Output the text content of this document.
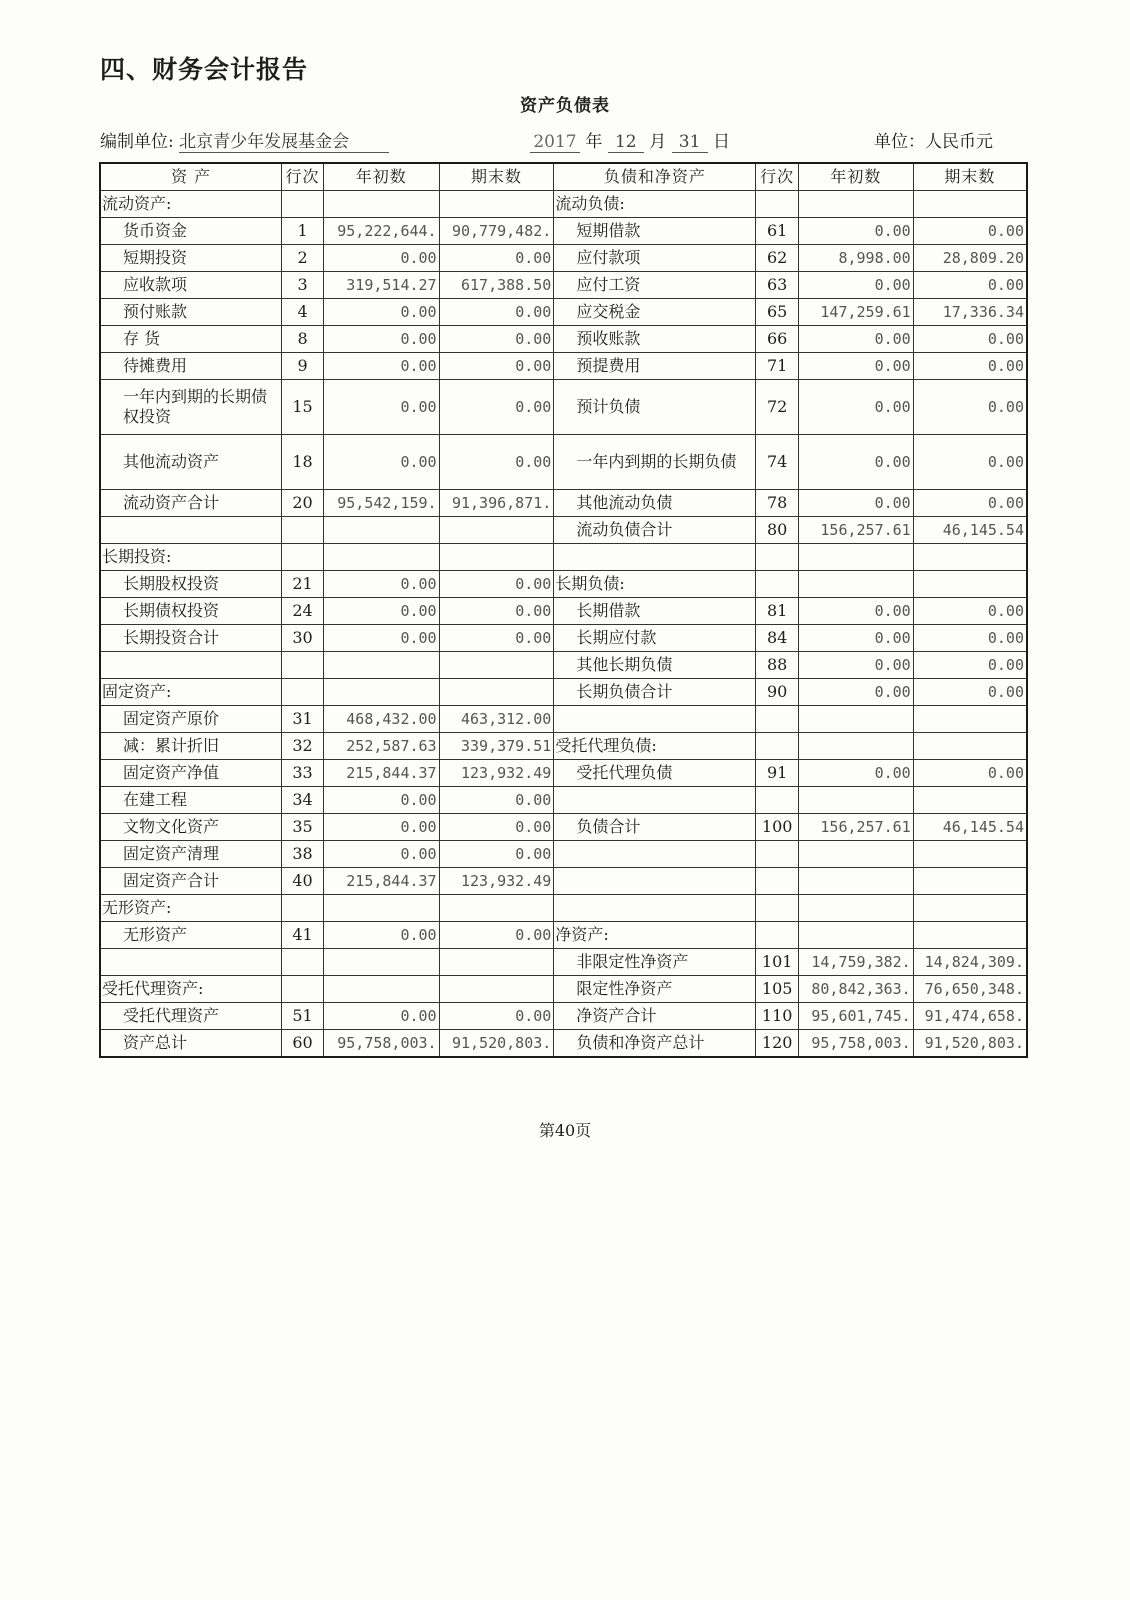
四、财务会计报告
资产负债表
编制单位: 北京青少年发展基金会	2017 年 12 月 31 日	单位：人民币元
资 产	行次	年初数	期末数	负债和净资产	行次	年初数	期末数
流动资产:				流动负债:			
货币资金	1	95,222,644.	90,779,482.	短期借款	61	0.00	0.00
短期投资	2	0.00	0.00	应付款项	62	8,998.00	28,809.20
应收款项	3	319,514.27	617,388.50	应付工资	63	0.00	0.00
预付账款	4	0.00	0.00	应交税金	65	147,259.61	17,336.34
存 货	8	0.00	0.00	预收账款	66	0.00	0.00
待摊费用	9	0.00	0.00	预提费用	71	0.00	0.00
一年内到期的长期债权投资	15	0.00	0.00	预计负债	72	0.00	0.00
其他流动资产	18	0.00	0.00	一年内到期的长期负债	74	0.00	0.00
流动资产合计	20	95,542,159.	91,396,871.	其他流动负债	78	0.00	0.00
				流动负债合计	80	156,257.61	46,145.54
长期投资:							
长期股权投资	21	0.00	0.00	长期负债:			
长期债权投资	24	0.00	0.00	长期借款	81	0.00	0.00
长期投资合计	30	0.00	0.00	长期应付款	84	0.00	0.00
				其他长期负债	88	0.00	0.00
固定资产:				长期负债合计	90	0.00	0.00
固定资产原价	31	468,432.00	463,312.00				
减：累计折旧	32	252,587.63	339,379.51	受托代理负债:			
固定资产净值	33	215,844.37	123,932.49	受托代理负债	91	0.00	0.00
在建工程	34	0.00	0.00				
文物文化资产	35	0.00	0.00	负债合计	100	156,257.61	46,145.54
固定资产清理	38	0.00	0.00				
固定资产合计	40	215,844.37	123,932.49				
无形资产:							
无形资产	41	0.00	0.00	净资产:			
				非限定性净资产	101	14,759,382.	14,824,309.
受托代理资产:				限定性净资产	105	80,842,363.	76,650,348.
受托代理资产	51	0.00	0.00	净资产合计	110	95,601,745.	91,474,658.
资产总计	60	95,758,003.	91,520,803.	负债和净资产总计	120	95,758,003.	91,520,803.
第40页
